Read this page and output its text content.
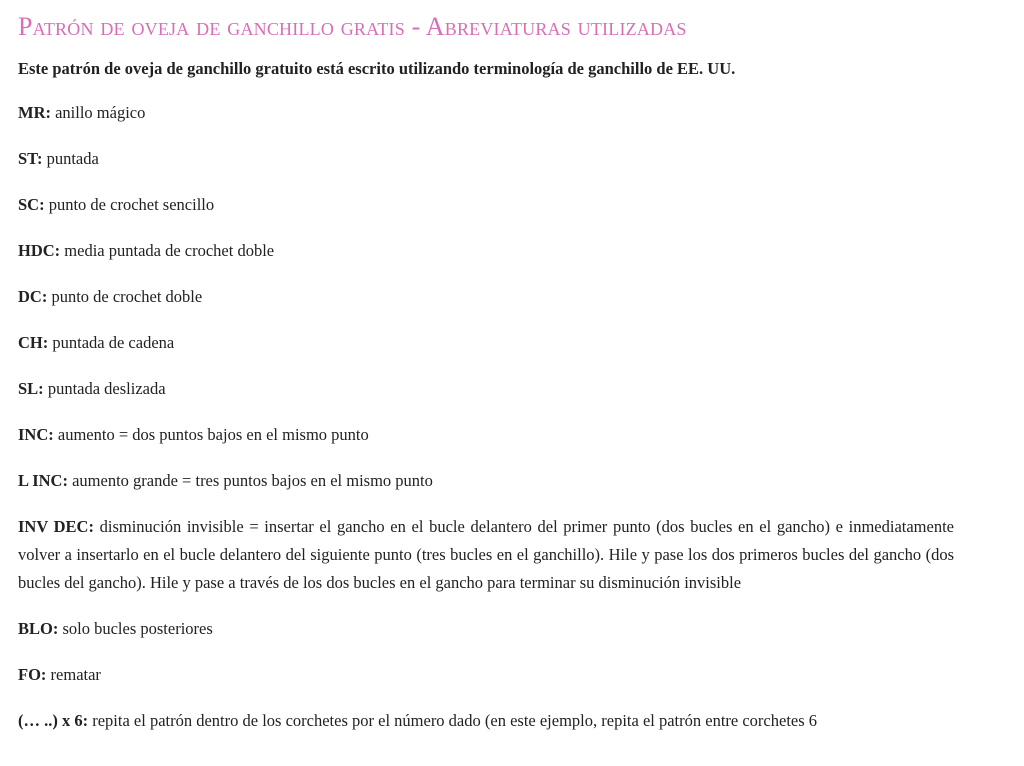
Patrón de oveja de ganchillo gratis - Abreviaturas utilizadas

Este patrón de oveja de ganchillo gratuito está escrito utilizando terminología de ganchillo de EE. UU.

MR: anillo mágico

ST: puntada

SC: punto de crochet sencillo

HDC: media puntada de crochet doble

DC: punto de crochet doble

CH: puntada de cadena

SL: puntada deslizada

INC: aumento = dos puntos bajos en el mismo punto

L INC: aumento grande = tres puntos bajos en el mismo punto

INV DEC: disminución invisible = insertar el gancho en el bucle delantero del primer punto (dos bucles en el gancho) e inmediatamente volver a insertarlo en el bucle delantero del siguiente punto (tres bucles en el ganchillo). Hile y pase los dos primeros bucles del gancho (dos bucles del gancho). Hile y pase a través de los dos bucles en el gancho para terminar su disminución invisible

BLO: solo bucles posteriores

FO: rematar

(… ..) x 6: repita el patrón dentro de los corchetes por el número dado (en este ejemplo, repita el patrón entre corchetes 6
